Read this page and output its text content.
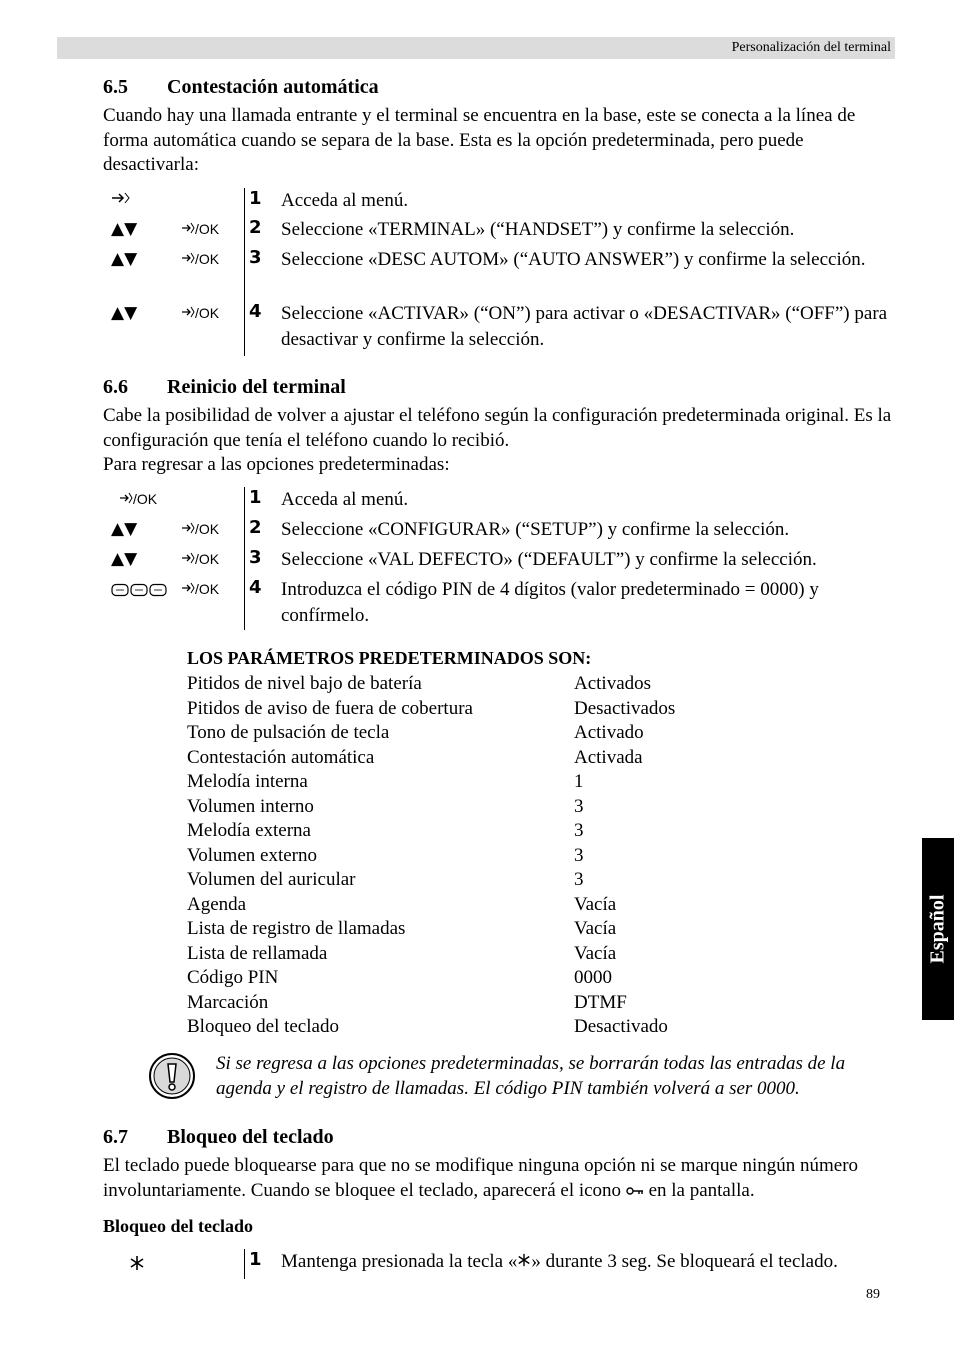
Personalización del terminal
Español
6.5 Contestación automática

Cuando hay una llamada entrante y el terminal se encuentra en la base, este se conecta a la línea de forma automática cuando se separa de la base. Esta es la opción predeterminada, pero puede desactivarla:

1 Acceda al menú.
▲▼	/OK 2 Seleccione «TERMINAL» (“HANDSET”) y confirme la selección.
▲▼	/OK 3 Seleccione «DESC AUTOM» (“AUTO ANSWER”) y confirme la selección.
▲▼	/OK 4 Seleccione «ACTIVAR» (“ON”) para activar o «DESACTIVAR» (“OFF”) para desactivar y confirme la selección.
6.6 Reinicio del terminal

Cabe la posibilidad de volver a ajustar el teléfono según la configuración predeterminada original. Es la configuración que tenía el teléfono cuando lo recibió.

Para regresar a las opciones predeterminadas:

/OK	1 Acceda al menú.
▲▼	/OK 2 Seleccione «CONFIGURAR» (“SETUP”) y confirme la selección.
▲▼	/OK 3 Seleccione «VAL DEFECTO» (“DEFAULT”) y confirme la selección.
/OK 4 Introduzca el código PIN de 4 dígitos (valor predeterminado = 0000) y confírmelo.
LOS PARÁMETROS PREDETERMINADOS SON:
Pitidos de nivel bajo de batería	Activados
Pitidos de aviso de fuera de cobertura	Desactivados
Tono de pulsación de tecla	Activado
Contestación automática	Activada
Melodía interna	1
Volumen interno	3
Melodía externa	3
Volumen externo	3
Volumen del auricular	3
Agenda	Vacía
Lista de registro de llamadas	Vacía
Lista de rellamada	Vacía
Código PIN	0000
Marcación	DTMF
Bloqueo del teclado	Desactivado
Si se regresa a las opciones predeterminadas, se borrarán todas las entradas de la agenda y el registro de llamadas. El código PIN también volverá a ser 0000.
6.7 Bloqueo del teclado

El teclado puede bloquearse para que no se modifique ninguna opción ni se marque ningún número involuntariamente. Cuando se bloquee el teclado, aparecerá el icono  en la pantalla.

Bloqueo del teclado
1 Mantenga presionada la tecla « » durante 3 seg. Se bloqueará el teclado.
89
